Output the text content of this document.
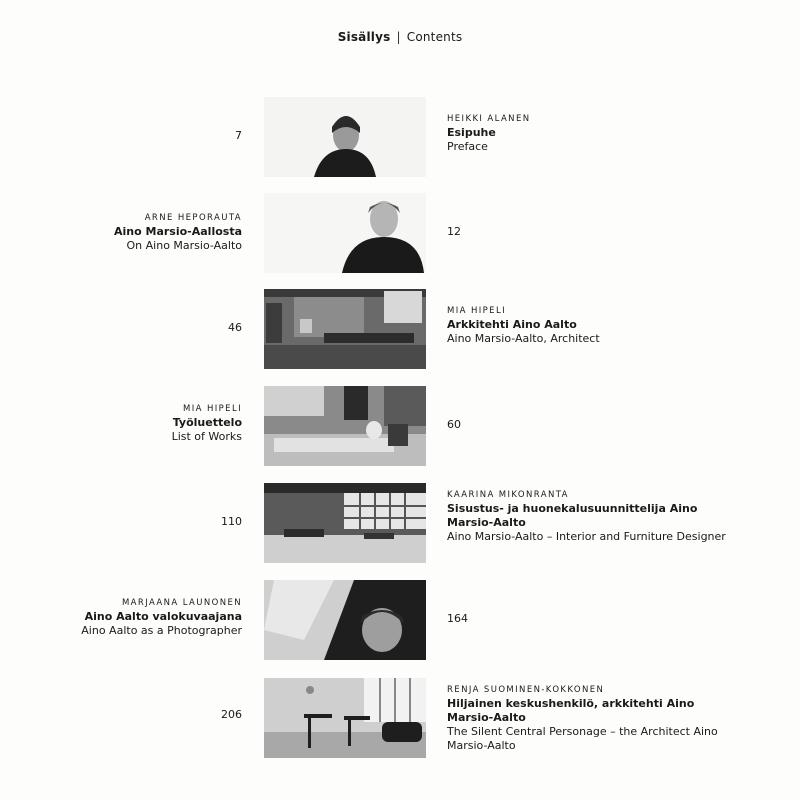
Sisällys | Contents
7
HEIKKI ALANEN
Esipuhe
Preface
ARNE HEPORAUTA
Aino Marsio-Aallosta
On Aino Marsio-Aalto
12
46
MIA HIPELI
Arkkitehti Aino Aalto
Aino Marsio-Aalto, Architect
MIA HIPELI
Työluettelo
List of Works
60
110
KAARINA MIKONRANTA
Sisustus- ja huonekalusuunnittelija Aino Marsio-Aalto
Aino Marsio-Aalto – Interior and Furniture Designer
MARJAANA LAUNONEN
Aino Aalto valokuvaajana
Aino Aalto as a Photographer
164
206
RENJA SUOMINEN-KOKKONEN
Hiljainen keskushenkilö, arkkitehti Aino Marsio-Aalto
The Silent Central Personage – the Architect Aino Marsio-Aalto
